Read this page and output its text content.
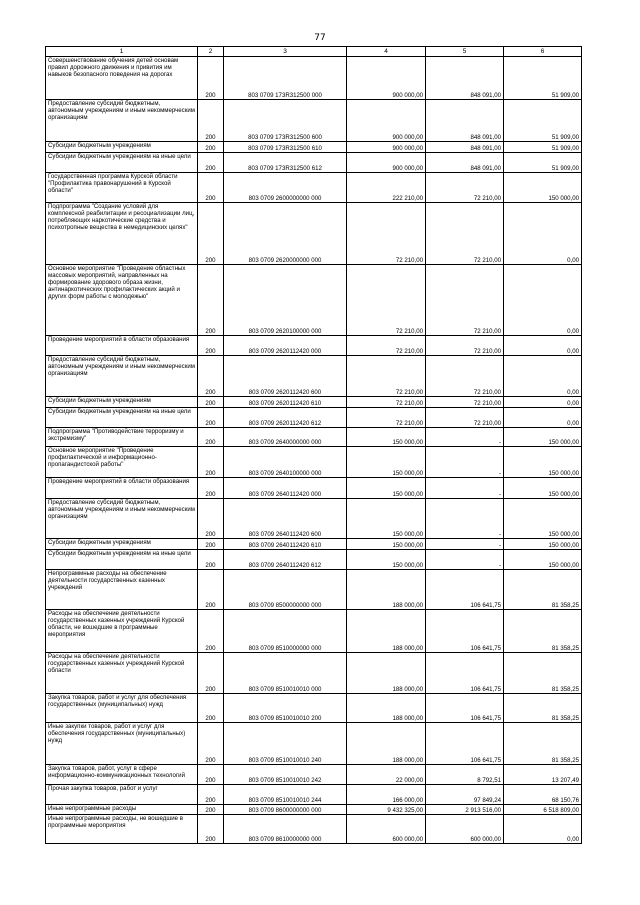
77
1	2	3	4	5	6
Совершенствование обучения детей основам правил дорожного движения и привития им навыков безопасного поведения на дорогах	200	803 0709 173R312500 000	900 000,00	848 091,00	51 909,00
Предоставление субсидий бюджетным, автономным учреждениям и иным некоммерческим организациям	200	803 0709 173R312500 600	900 000,00	848 091,00	51 909,00
Субсидии бюджетным учреждениям	200	803 0709 173R312500 610	900 000,00	848 091,00	51 909,00
Субсидии бюджетным учреждениям на иные цели	200	803 0709 173R312500 612	900 000,00	848 091,00	51 909,00
Государственная программа Курской области "Профилактика правонарушений в Курской области"	200	803 0709 2600000000 000	222 210,00	72 210,00	150 000,00
Подпрограмма "Создание условий для комплексной реабилитации и ресоциализации лиц, потребляющих наркотические средства и психотропные вещества в немедицинских целях"	200	803 0709 2620000000 000	72 210,00	72 210,00	0,00
Основное мероприятие "Проведение областных массовых мероприятий, направленных на формирование здорового образа жизни, антинаркотических профилактических акций и других форм работы с молодежью"	200	803 0709 2620100000 000	72 210,00	72 210,00	0,00
Проведение мероприятий в области образования	200	803 0709 2620112420 000	72 210,00	72 210,00	0,00
Предоставление субсидий бюджетным, автономным учреждениям и иным некоммерческим организациям	200	803 0709 2620112420 600	72 210,00	72 210,00	0,00
Субсидии бюджетным учреждениям	200	803 0709 2620112420 610	72 210,00	72 210,00	0,00
Субсидии бюджетным учреждениям на иные цели	200	803 0709 2620112420 612	72 210,00	72 210,00	0,00
Подпрограмма "Противодействие терроризму и экстремизму"	200	803 0709 2640000000 000	150 000,00	-	150 000,00
Основное мероприятие "Проведение профилактической и информационно-пропагандистской работы"	200	803 0709 2640100000 000	150 000,00	-	150 000,00
Проведение мероприятий в области образования	200	803 0709 2640112420 000	150 000,00	-	150 000,00
Предоставление субсидий бюджетным, автономным учреждениям и иным некоммерческим организациям	200	803 0709 2640112420 600	150 000,00	-	150 000,00
Субсидии бюджетным учреждениям	200	803 0709 2640112420 610	150 000,00	-	150 000,00
Субсидии бюджетным учреждениям на иные цели	200	803 0709 2640112420 612	150 000,00	-	150 000,00
Непрограммные расходы на обеспечение деятельности государственных казенных учреждений	200	803 0709 8500000000 000	188 000,00	106 641,75	81 358,25
Расходы на обеспечение деятельности государственных казенных учреждений Курской области, не вошедшие в программные мероприятия	200	803 0709 8510000000 000	188 000,00	106 641,75	81 358,25
Расходы на обеспечение деятельности государственных казенных учреждений Курской области	200	803 0709 8510010010 000	188 000,00	106 641,75	81 358,25
Закупка товаров, работ и услуг для обеспечения государственных (муниципальных) нужд	200	803 0709 8510010010 200	188 000,00	106 641,75	81 358,25
Иные закупки товаров, работ и услуг для обеспечения государственных (муниципальных) нужд	200	803 0709 8510010010 240	188 000,00	106 641,75	81 358,25
Закупка товаров, работ, услуг в сфере информационно-коммуникационных технологий	200	803 0709 8510010010 242	22 000,00	8 792,51	13 207,49
Прочая закупка товаров, работ и услуг	200	803 0709 8510010010 244	166 000,00	97 849,24	68 150,76
Иные непрограммные расходы	200	803 0709 8600000000 000	9 432 325,00	2 913 516,00	6 518 809,00
Иные непрограммные расходы, не вошедшие в программные мероприятия	200	803 0709 8610000000 000	600 000,00	600 000,00	0,00
